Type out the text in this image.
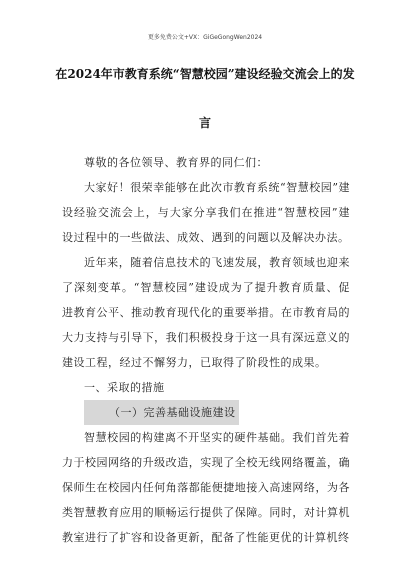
更多免费公文+VX：GiGeGongWen2024
在2024年市教育系统“智慧校园”建设经验交流会上的发
言

尊敬的各位领导、教育界的同仁们：

大家好！很荣幸能够在此次市教育系统“智慧校园”建设经验交流会上，与大家分享我们在推进“智慧校园”建设过程中的一些做法、成效、遇到的问题以及解决办法。

近年来，随着信息技术的飞速发展，教育领域也迎来了深刻变革。“智慧校园”建设成为了提升教育质量、促进教育公平、推动教育现代化的重要举措。在市教育局的大力支持与引导下，我们积极投身于这一具有深远意义的建设工程，经过不懈努力，已取得了阶段性的成果。

一、采取的措施

（一）完善基础设施建设

智慧校园的构建离不开坚实的硬件基础。我们首先着力于校园网络的升级改造，实现了全校无线网络覆盖，确保师生在校园内任何角落都能便捷地接入高速网络，为各类智慧教育应用的顺畅运行提供了保障。同时，对计算机教室进行了扩容和设备更新，配备了性能更优的计算机终
